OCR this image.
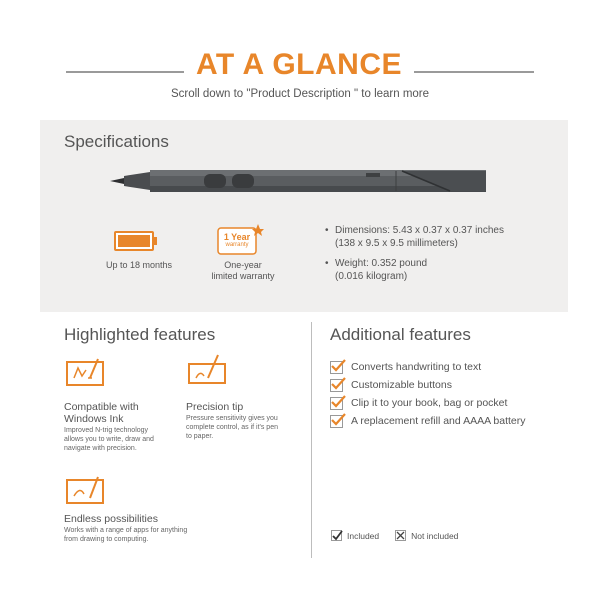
AT A GLANCE
Scroll down to "Product Description " to learn more
Specifications
Up to 18 months
1 Year
warranty
One-year
limited warranty
• Dimensions: 5.43 x 0.37 x 0.37 inches
(138 x 9.5 x 9.5 millimeters)
• Weight: 0.352 pound
(0.016 kilogram)
Highlighted features
Compatible with
Windows Ink
Improved N-trig technology
allows you to write, draw and
navigate with precision.
Precision tip
Pressure sensitivity gives you
complete control, as if it's pen
to paper.
Endless possibilities
Works with a range of apps for anything
from drawing to computing.
Additional features
Converts handwriting to text
Customizable buttons
Clip it to your book, bag or pocket
A replacement refill and AAAA battery
Included	Not included
